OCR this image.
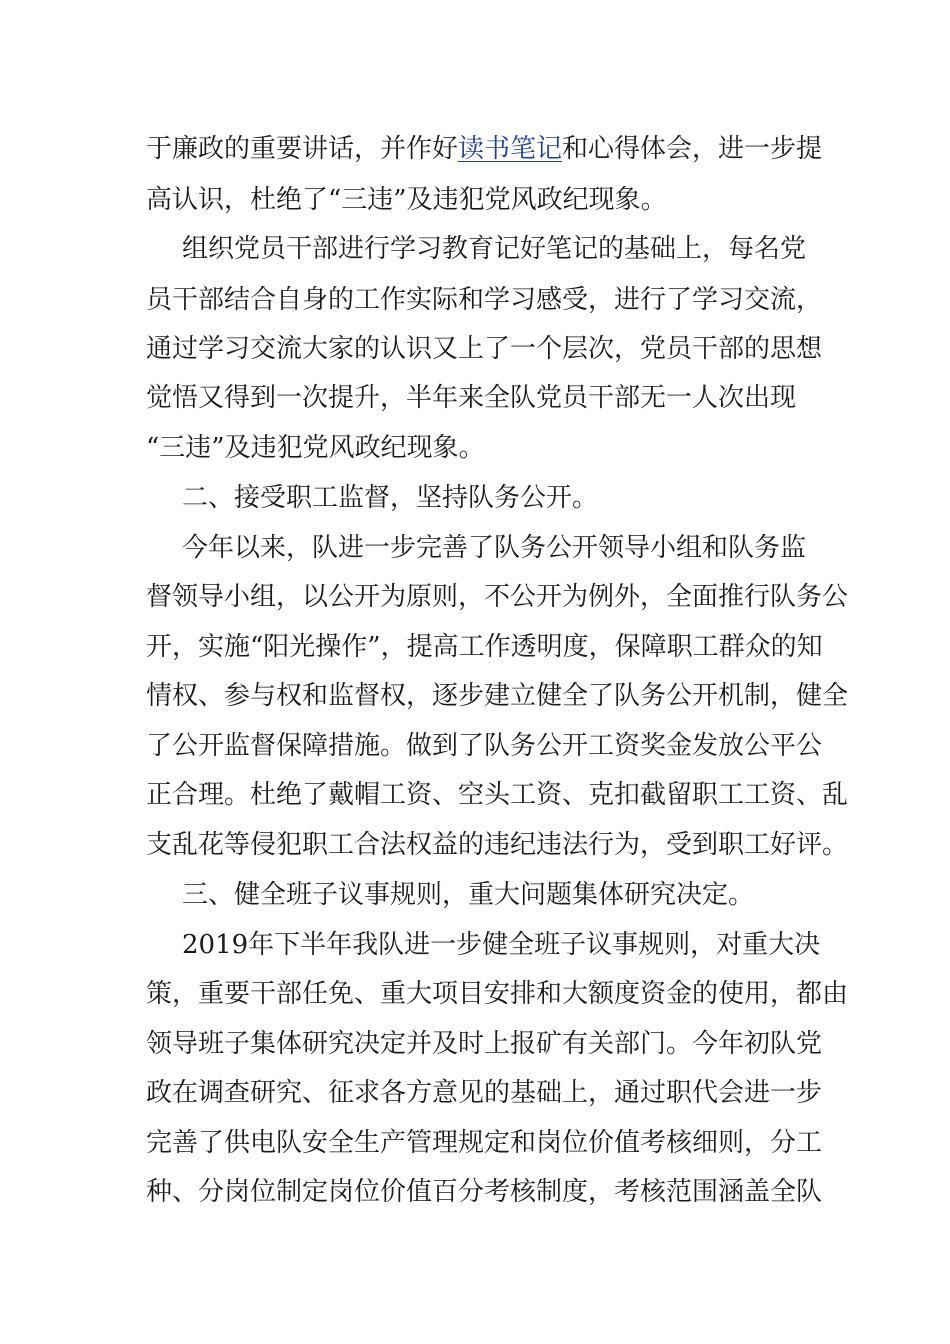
于廉政的重要讲话，并作好读书笔记和心得体会，进一步提
高认识，杜绝了“三违”及违犯党风政纪现象。
组织党员干部进行学习教育记好笔记的基础上，每名党
员干部结合自身的工作实际和学习感受，进行了学习交流，
通过学习交流大家的认识又上了一个层次，党员干部的思想
觉悟又得到一次提升，半年来全队党员干部无一人次出现
“三违”及违犯党风政纪现象。
二、接受职工监督，坚持队务公开。
今年以来，队进一步完善了队务公开领导小组和队务监
督领导小组，以公开为原则，不公开为例外，全面推行队务公
开，实施“阳光操作”，提高工作透明度，保障职工群众的知
情权、参与权和监督权，逐步建立健全了队务公开机制，健全
了公开监督保障措施。做到了队务公开工资奖金发放公平公
正合理。杜绝了戴帽工资、空头工资、克扣截留职工工资、乱
支乱花等侵犯职工合法权益的违纪违法行为，受到职工好评。
三、健全班子议事规则，重大问题集体研究决定。
2019年下半年我队进一步健全班子议事规则，对重大决
策，重要干部任免、重大项目安排和大额度资金的使用，都由
领导班子集体研究决定并及时上报矿有关部门。今年初队党
政在调查研究、征求各方意见的基础上，通过职代会进一步
完善了供电队安全生产管理规定和岗位价值考核细则，分工
种、分岗位制定岗位价值百分考核制度，考核范围涵盖全队
